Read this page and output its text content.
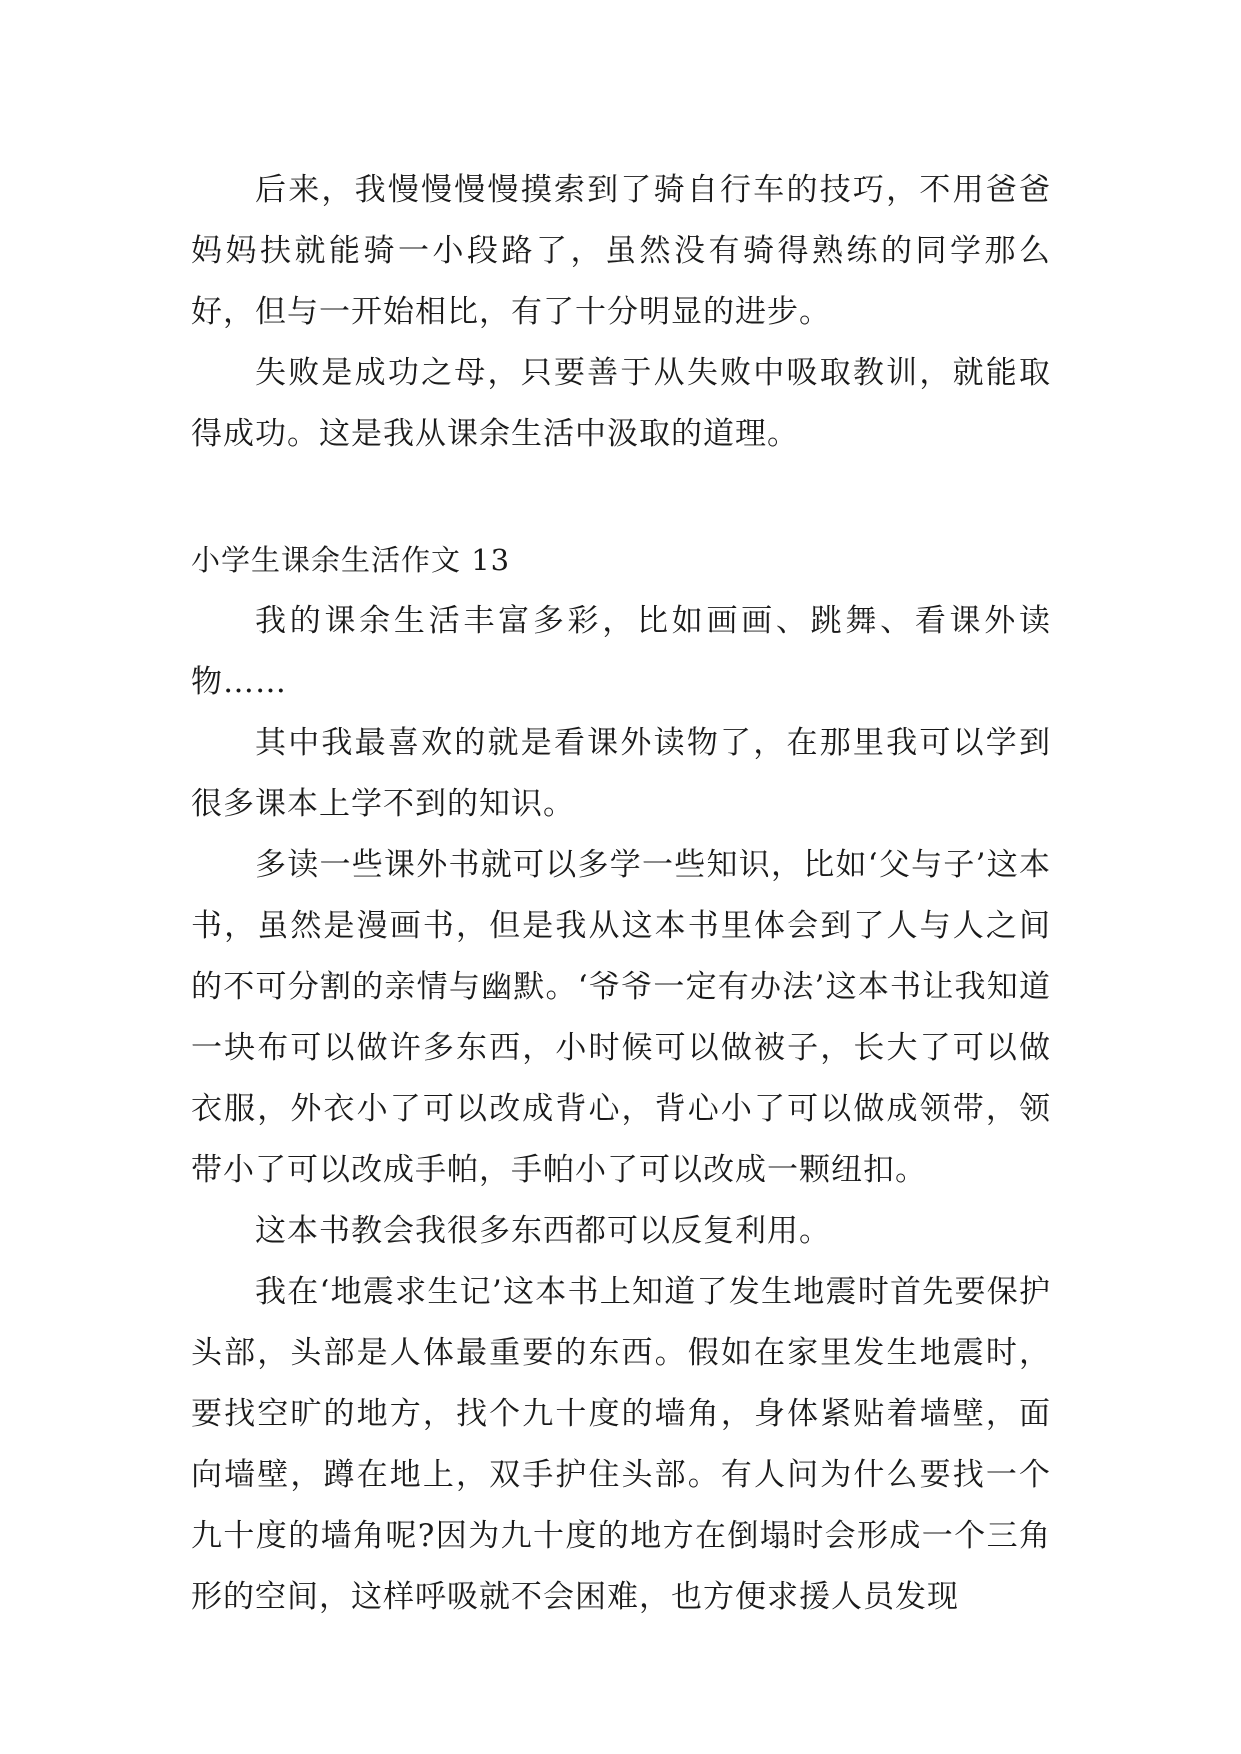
后来，我慢慢慢慢摸索到了骑自行车的技巧，不用爸爸妈妈扶就能骑一小段路了，虽然没有骑得熟练的同学那么好，但与一开始相比，有了十分明显的进步。

失败是成功之母，只要善于从失败中吸取教训，就能取得成功。这是我从课余生活中汲取的道理。

小学生课余生活作文 13

我的课余生活丰富多彩，比如画画、跳舞、看课外读物……

其中我最喜欢的就是看课外读物了，在那里我可以学到很多课本上学不到的知识。

多读一些课外书就可以多学一些知识，比如‘父与子’这本书，虽然是漫画书，但是我从这本书里体会到了人与人之间的不可分割的亲情与幽默。‘爷爷一定有办法’这本书让我知道一块布可以做许多东西，小时候可以做被子，长大了可以做衣服，外衣小了可以改成背心，背心小了可以做成领带，领带小了可以改成手帕，手帕小了可以改成一颗纽扣。

这本书教会我很多东西都可以反复利用。

我在‘地震求生记’这本书上知道了发生地震时首先要保护头部，头部是人体最重要的东西。假如在家里发生地震时，要找空旷的地方，找个九十度的墙角，身体紧贴着墙壁，面向墙壁，蹲在地上，双手护住头部。有人问为什么要找一个九十度的墙角呢?因为九十度的地方在倒塌时会形成一个三角形的空间，这样呼吸就不会困难，也方便求援人员发现
